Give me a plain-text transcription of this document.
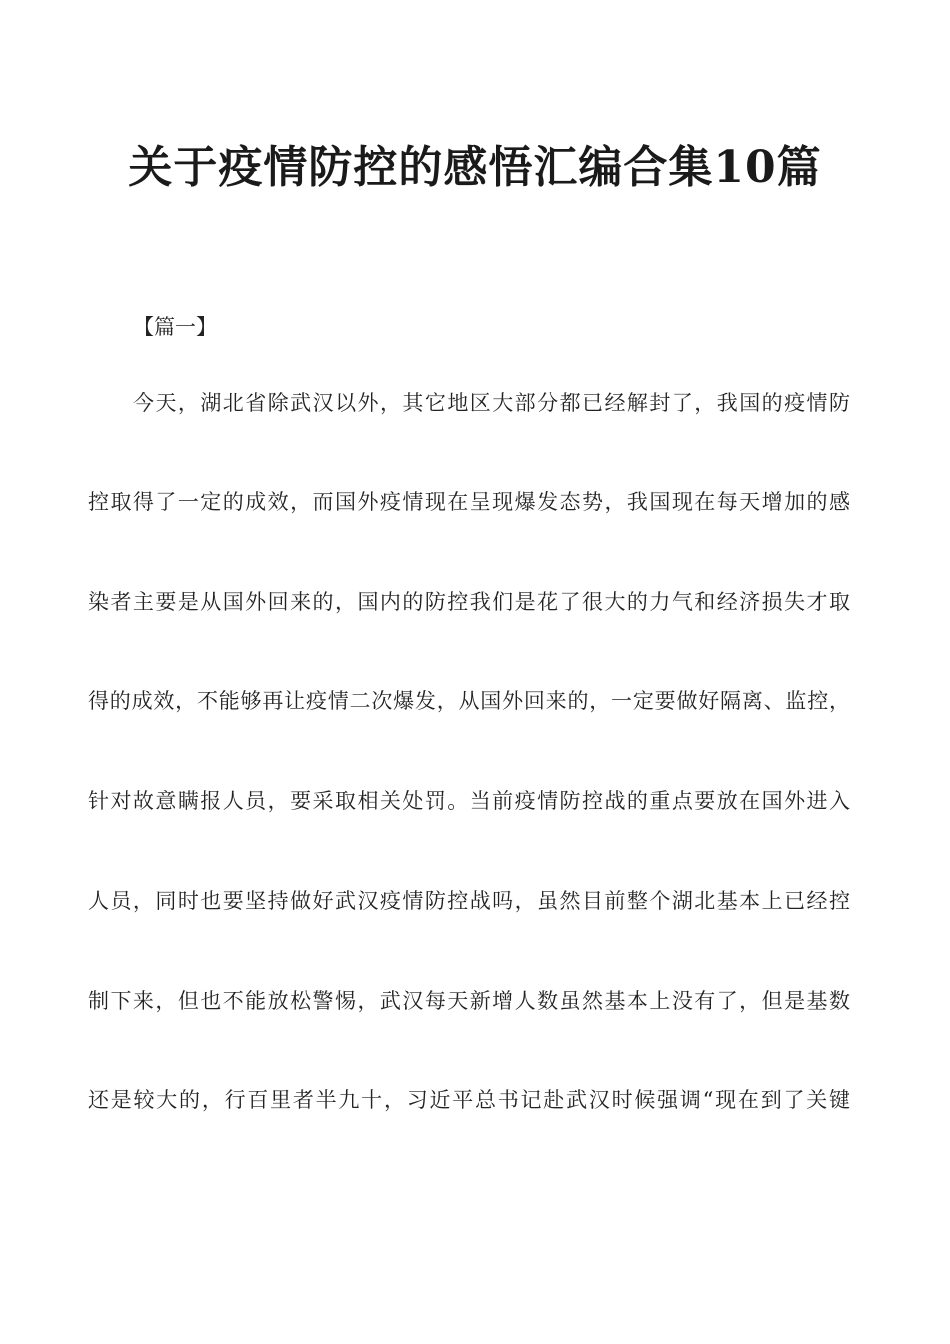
关于疫情防控的感悟汇编合集10篇
【篇一】
今天，湖北省除武汉以外，其它地区大部分都已经解封了，我国的疫情防
控取得了一定的成效，而国外疫情现在呈现爆发态势，我国现在每天增加的感
染者主要是从国外回来的，国内的防控我们是花了很大的力气和经济损失才取
得的成效，不能够再让疫情二次爆发，从国外回来的，一定要做好隔离、监控，
针对故意瞒报人员，要采取相关处罚。当前疫情防控战的重点要放在国外进入
人员，同时也要坚持做好武汉疫情防控战吗，虽然目前整个湖北基本上已经控
制下来，但也不能放松警惕，武汉每天新增人数虽然基本上没有了，但是基数
还是较大的，行百里者半九十，习近平总书记赴武汉时候强调“现在到了关键
